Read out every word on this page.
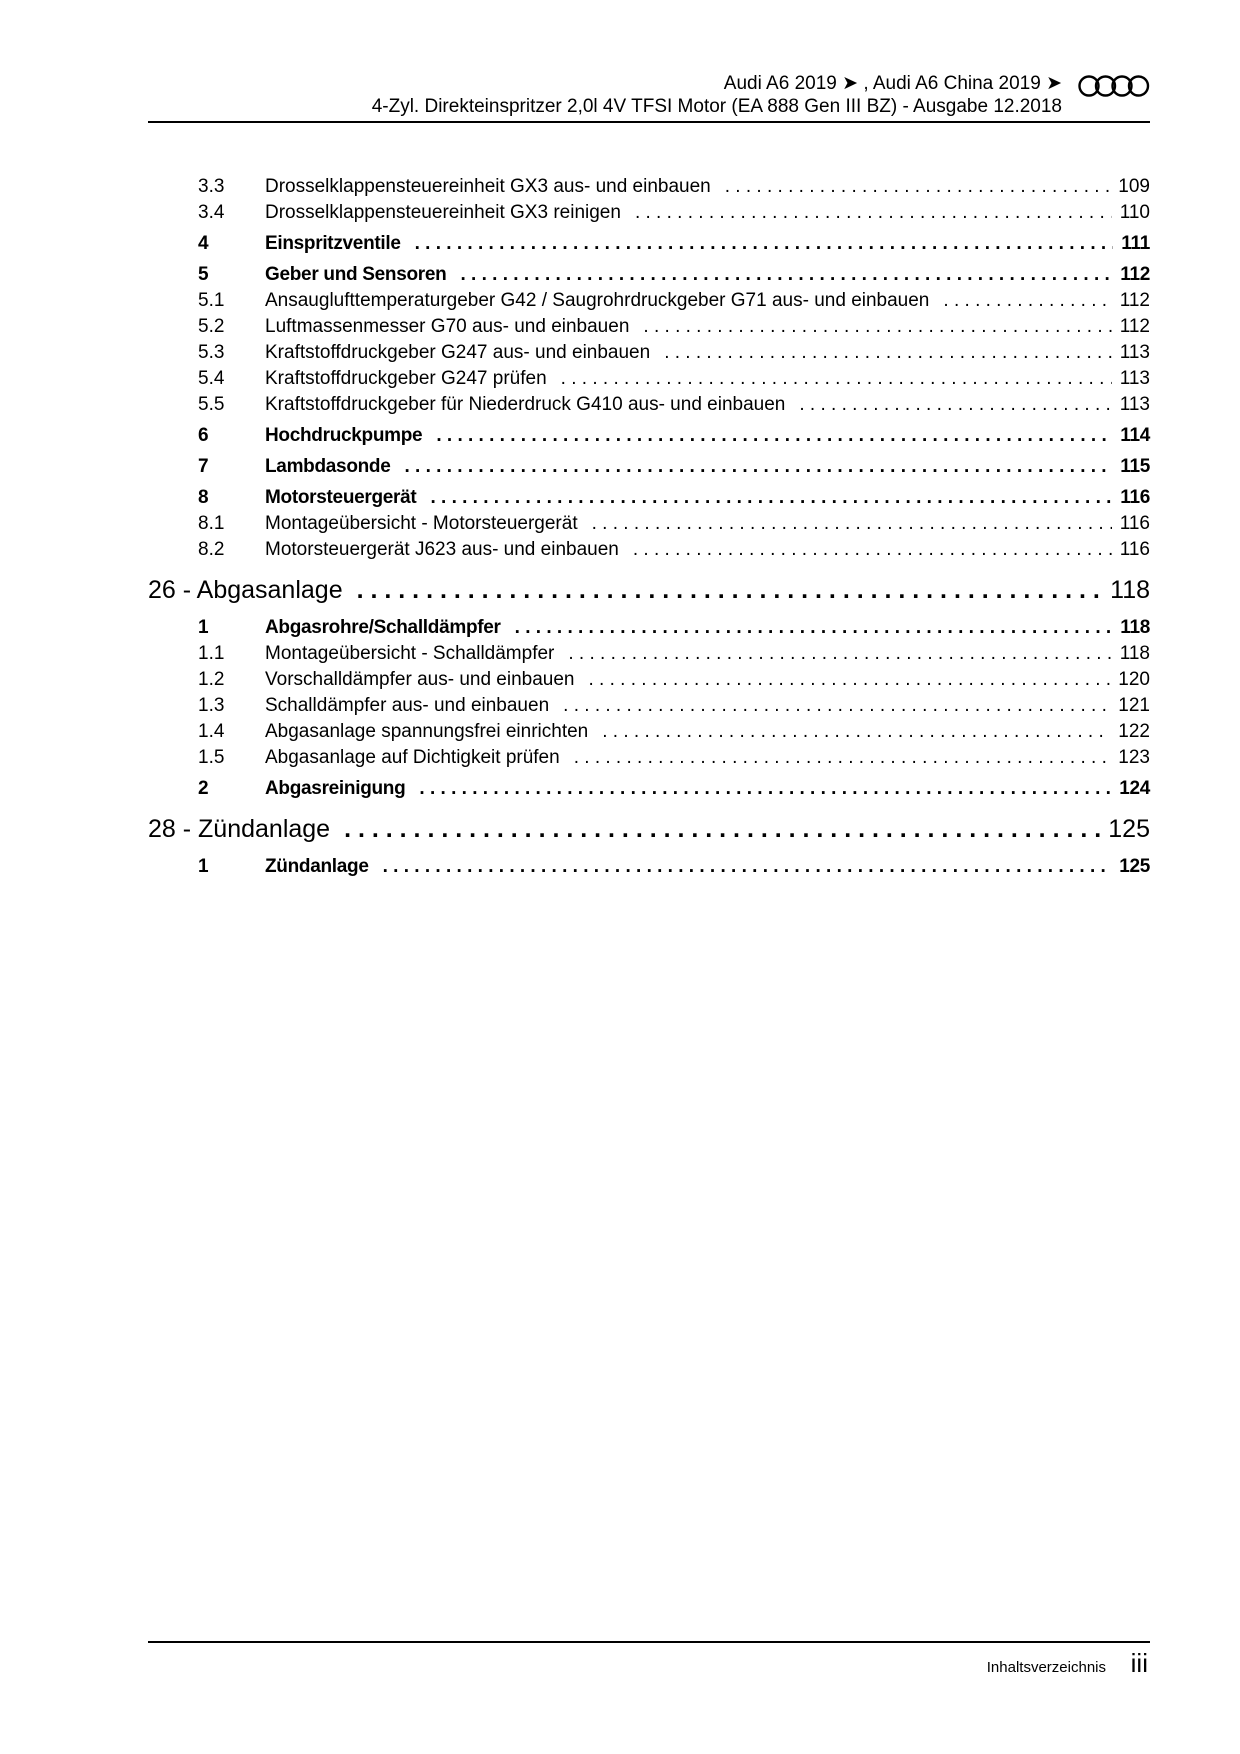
Audi A6 2019 ➤ , Audi A6 China 2019 ➤
4-Zyl. Direkteinspritzer 2,0l 4V TFSI Motor (EA 888 Gen III BZ) - Ausgabe 12.2018
3.3	Drosselklappensteuereinheit GX3 aus- und einbauen . . .	109
3.4	Drosselklappensteuereinheit GX3 reinigen . . .	110
4	Einspritzventile . . .	111
5	Geber und Sensoren . . .	112
5.1	Ansauglufttemperaturgeber G42 / Saugrohrdruckgeber G71 aus- und einbauen . . .	112
5.2	Luftmassenmesser G70 aus- und einbauen . . .	112
5.3	Kraftstoffdruckgeber G247 aus- und einbauen . . .	113
5.4	Kraftstoffdruckgeber G247 prüfen . . .	113
5.5	Kraftstoffdruckgeber für Niederdruck G410 aus- und einbauen . . .	113
6	Hochdruckpumpe . . .	114
7	Lambdasonde . . .	115
8	Motorsteuergerät . . .	116
8.1	Montageübersicht - Motorsteuergerät . . .	116
8.2	Motorsteuergerät J623 aus- und einbauen . . .	116
26 - Abgasanlage . . .	118
1	Abgasrohre/Schalldämpfer . . .	118
1.1	Montageübersicht - Schalldämpfer . . .	118
1.2	Vorschalldämpfer aus- und einbauen . . .	120
1.3	Schalldämpfer aus- und einbauen . . .	121
1.4	Abgasanlage spannungsfrei einrichten . . .	122
1.5	Abgasanlage auf Dichtigkeit prüfen . . .	123
2	Abgasreinigung . . .	124
28 - Zündanlage . . .	125
1	Zündanlage . . .	125
Inhaltsverzeichnis iii
